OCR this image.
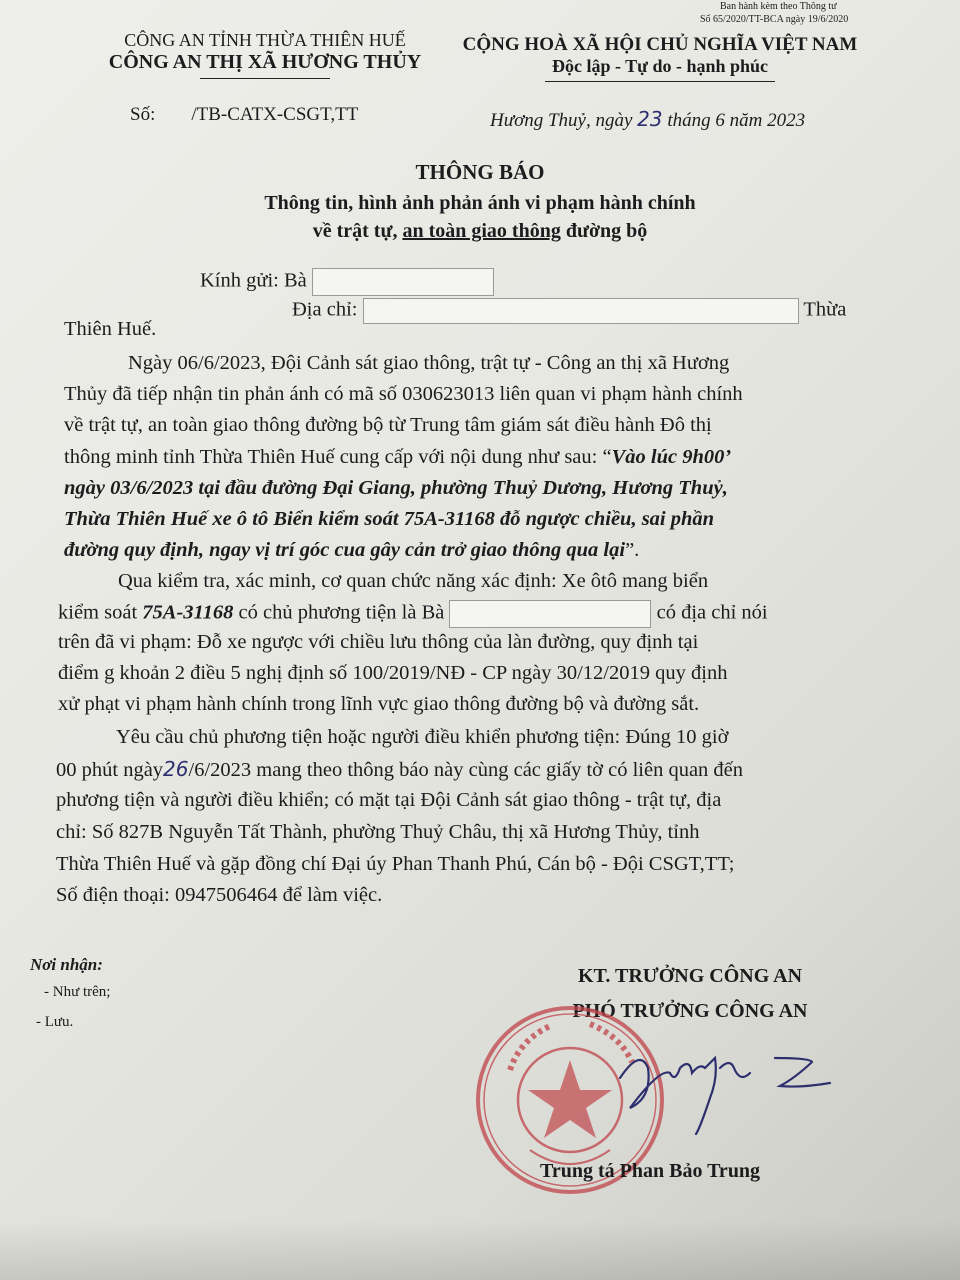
Ban hành kèm theo Thông tư
Số 65/2020/TT-BCA ngày 19/6/2020
CÔNG AN TỈNH THỪA THIÊN HUẾ
CÔNG AN THỊ XÃ HƯƠNG THỦY
CỘNG HOÀ XÃ HỘI CHỦ NGHĨA VIỆT NAM
Độc lập - Tự do - hạnh phúc
Số: /TB-CATX-CSGT,TT	Hương Thuỷ, ngày 23 tháng 6 năm 2023
THÔNG BÁO
Thông tin, hình ảnh phản ánh vi phạm hành chính
về trật tự, an toàn giao thông đường bộ
Kính gửi: Bà
Địa chỉ:	Thừa
Thiên Huế.
Ngày 06/6/2023, Đội Cảnh sát giao thông, trật tự - Công an thị xã Hương
Thủy đã tiếp nhận tin phản ánh có mã số 030623013 liên quan vi phạm hành chính
về trật tự, an toàn giao thông đường bộ từ Trung tâm giám sát điều hành Đô thị
thông minh tỉnh Thừa Thiên Huế cung cấp với nội dung như sau: “Vào lúc 9h00’
ngày 03/6/2023 tại đầu đường Đại Giang, phường Thuỷ Dương, Hương Thuỷ,
Thừa Thiên Huế xe ô tô Biển kiểm soát 75A-31168 đỗ ngược chiều, sai phần
đường quy định, ngay vị trí góc cua gây cản trở giao thông qua lại”.
Qua kiểm tra, xác minh, cơ quan chức năng xác định: Xe ôtô mang biển
kiểm soát 75A-31168 có chủ phương tiện là Bà	có địa chỉ nói
trên đã vi phạm: Đỗ xe ngược với chiều lưu thông của làn đường, quy định tại
điểm g khoản 2 điều 5 nghị định số 100/2019/NĐ - CP ngày 30/12/2019 quy định
xử phạt vi phạm hành chính trong lĩnh vực giao thông đường bộ và đường sắt.
Yêu cầu chủ phương tiện hoặc người điều khiển phương tiện: Đúng 10 giờ
00 phút ngày26/6/2023 mang theo thông báo này cùng các giấy tờ có liên quan đến
phương tiện và người điều khiển; có mặt tại Đội Cảnh sát giao thông - trật tự, địa
chỉ: Số 827B Nguyễn Tất Thành, phường Thuỷ Châu, thị xã Hương Thủy, tỉnh
Thừa Thiên Huế và gặp đồng chí Đại úy Phan Thanh Phú, Cán bộ - Đội CSGT,TT;
Số điện thoại: 0947506464 để làm việc.
Nơi nhận:
- Như trên;
- Lưu.
KT. TRƯỞNG CÔNG AN
PHÓ TRƯỞNG CÔNG AN
Trung tá Phan Bảo Trung
